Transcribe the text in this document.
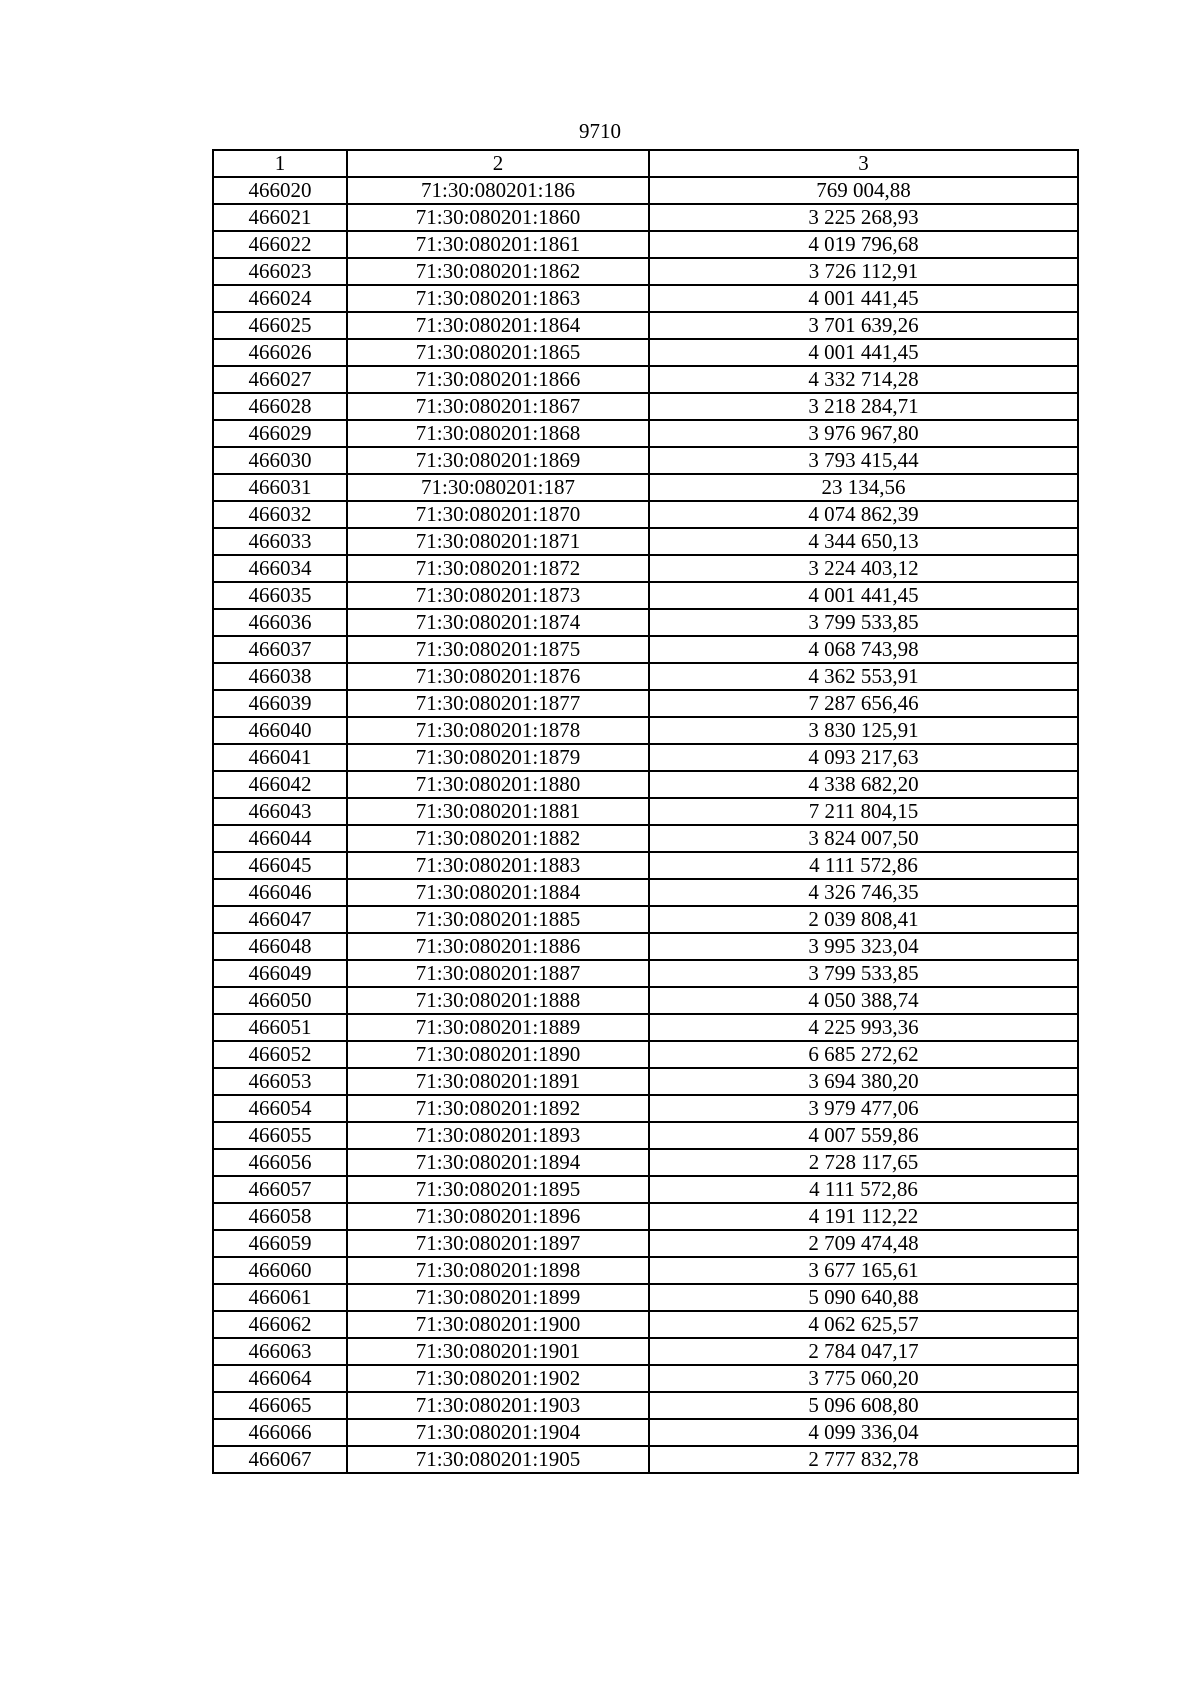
9710
1	2	3
466020	71:30:080201:186	769 004,88
466021	71:30:080201:1860	3 225 268,93
466022	71:30:080201:1861	4 019 796,68
466023	71:30:080201:1862	3 726 112,91
466024	71:30:080201:1863	4 001 441,45
466025	71:30:080201:1864	3 701 639,26
466026	71:30:080201:1865	4 001 441,45
466027	71:30:080201:1866	4 332 714,28
466028	71:30:080201:1867	3 218 284,71
466029	71:30:080201:1868	3 976 967,80
466030	71:30:080201:1869	3 793 415,44
466031	71:30:080201:187	23 134,56
466032	71:30:080201:1870	4 074 862,39
466033	71:30:080201:1871	4 344 650,13
466034	71:30:080201:1872	3 224 403,12
466035	71:30:080201:1873	4 001 441,45
466036	71:30:080201:1874	3 799 533,85
466037	71:30:080201:1875	4 068 743,98
466038	71:30:080201:1876	4 362 553,91
466039	71:30:080201:1877	7 287 656,46
466040	71:30:080201:1878	3 830 125,91
466041	71:30:080201:1879	4 093 217,63
466042	71:30:080201:1880	4 338 682,20
466043	71:30:080201:1881	7 211 804,15
466044	71:30:080201:1882	3 824 007,50
466045	71:30:080201:1883	4 111 572,86
466046	71:30:080201:1884	4 326 746,35
466047	71:30:080201:1885	2 039 808,41
466048	71:30:080201:1886	3 995 323,04
466049	71:30:080201:1887	3 799 533,85
466050	71:30:080201:1888	4 050 388,74
466051	71:30:080201:1889	4 225 993,36
466052	71:30:080201:1890	6 685 272,62
466053	71:30:080201:1891	3 694 380,20
466054	71:30:080201:1892	3 979 477,06
466055	71:30:080201:1893	4 007 559,86
466056	71:30:080201:1894	2 728 117,65
466057	71:30:080201:1895	4 111 572,86
466058	71:30:080201:1896	4 191 112,22
466059	71:30:080201:1897	2 709 474,48
466060	71:30:080201:1898	3 677 165,61
466061	71:30:080201:1899	5 090 640,88
466062	71:30:080201:1900	4 062 625,57
466063	71:30:080201:1901	2 784 047,17
466064	71:30:080201:1902	3 775 060,20
466065	71:30:080201:1903	5 096 608,80
466066	71:30:080201:1904	4 099 336,04
466067	71:30:080201:1905	2 777 832,78
